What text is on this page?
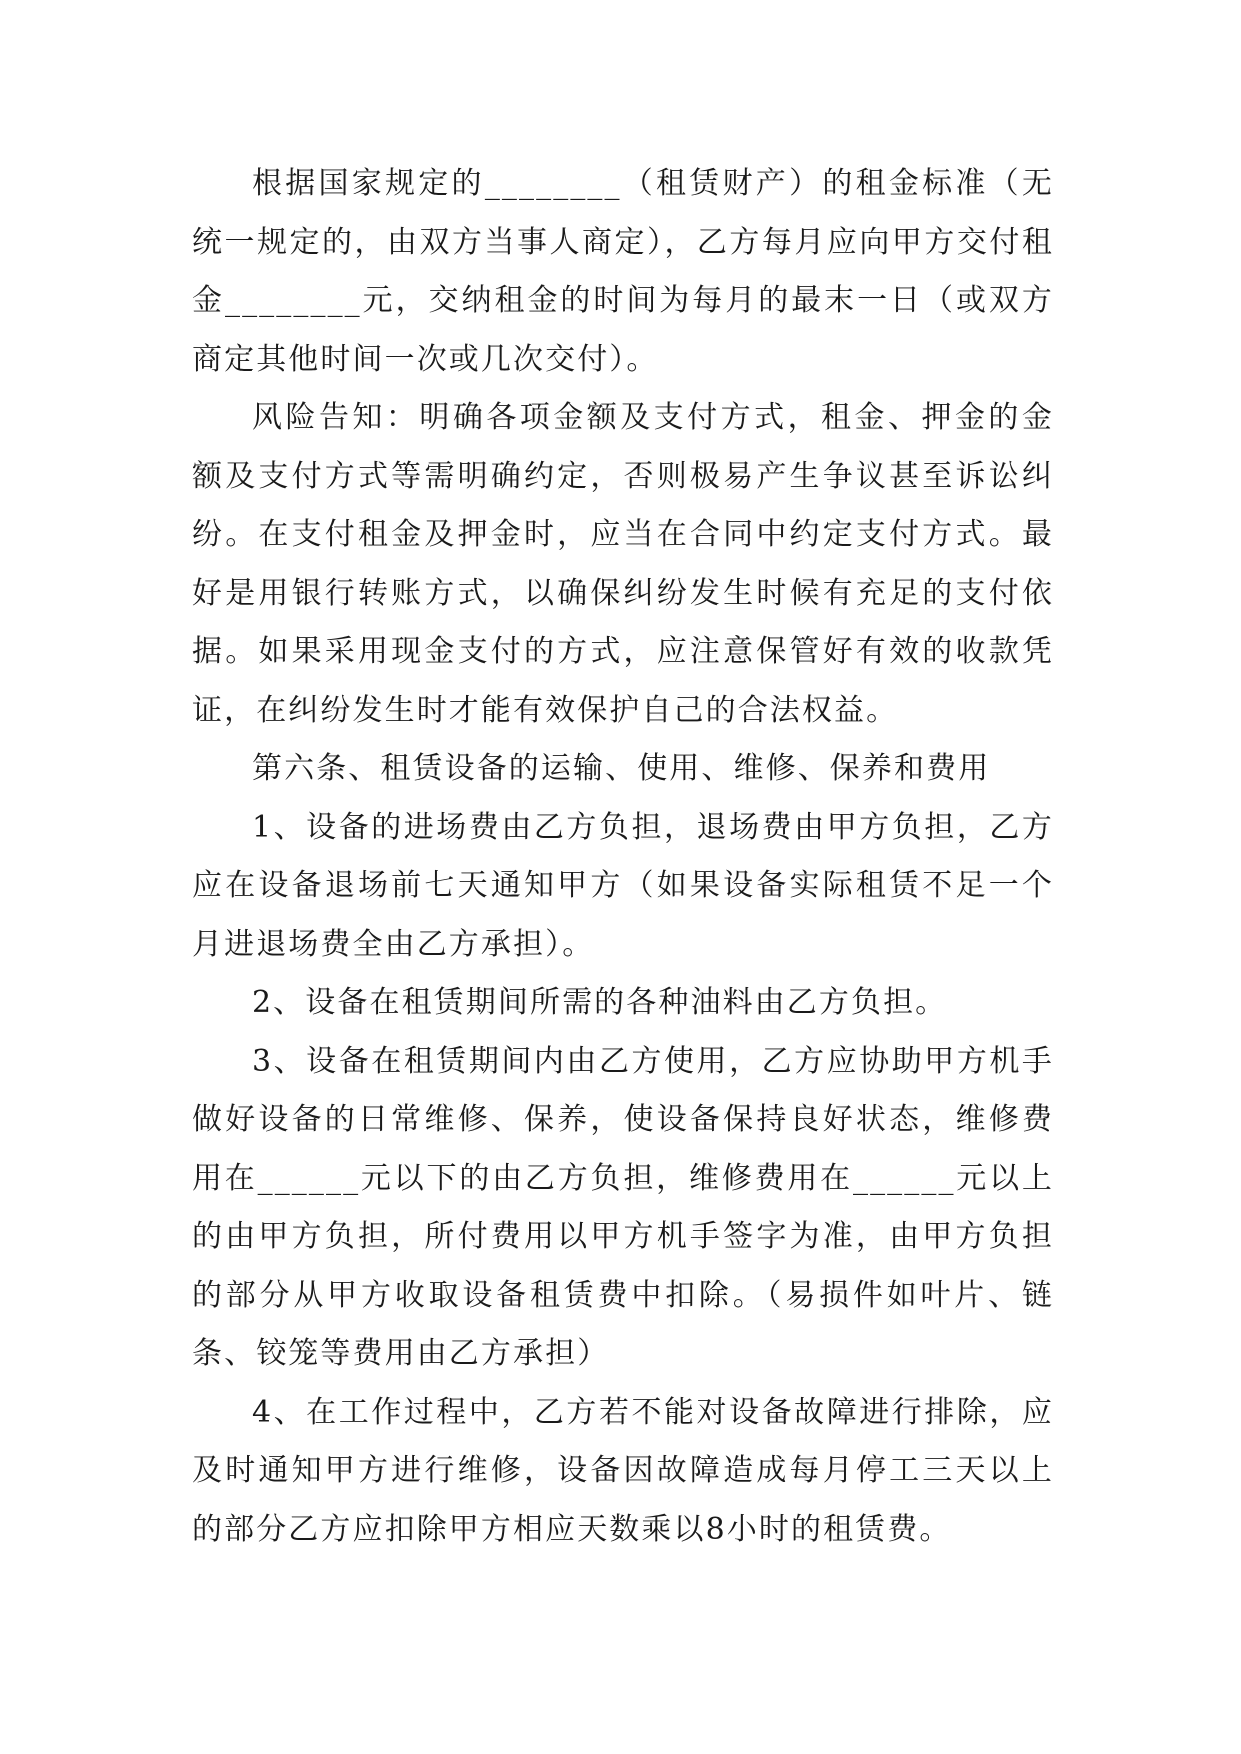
根据国家规定的________（租赁财产）的租金标准（无统一规定的，由双方当事人商定），乙方每月应向甲方交付租金________元，交纳租金的时间为每月的最末一日（或双方商定其他时间一次或几次交付）。

风险告知：明确各项金额及支付方式，租金、押金的金额及支付方式等需明确约定，否则极易产生争议甚至诉讼纠纷。在支付租金及押金时，应当在合同中约定支付方式。最好是用银行转账方式，以确保纠纷发生时候有充足的支付依据。如果采用现金支付的方式，应注意保管好有效的收款凭证，在纠纷发生时才能有效保护自己的合法权益。

第六条、租赁设备的运输、使用、维修、保养和费用

1、设备的进场费由乙方负担，退场费由甲方负担，乙方应在设备退场前七天通知甲方（如果设备实际租赁不足一个月进退场费全由乙方承担）。

2、设备在租赁期间所需的各种油料由乙方负担。

3、设备在租赁期间内由乙方使用，乙方应协助甲方机手做好设备的日常维修、保养，使设备保持良好状态，维修费用在______元以下的由乙方负担，维修费用在______元以上的由甲方负担，所付费用以甲方机手签字为准，由甲方负担的部分从甲方收取设备租赁费中扣除。（易损件如叶片、链条、铰笼等费用由乙方承担）

4、在工作过程中，乙方若不能对设备故障进行排除，应及时通知甲方进行维修，设备因故障造成每月停工三天以上的部分乙方应扣除甲方相应天数乘以8小时的租赁费。
